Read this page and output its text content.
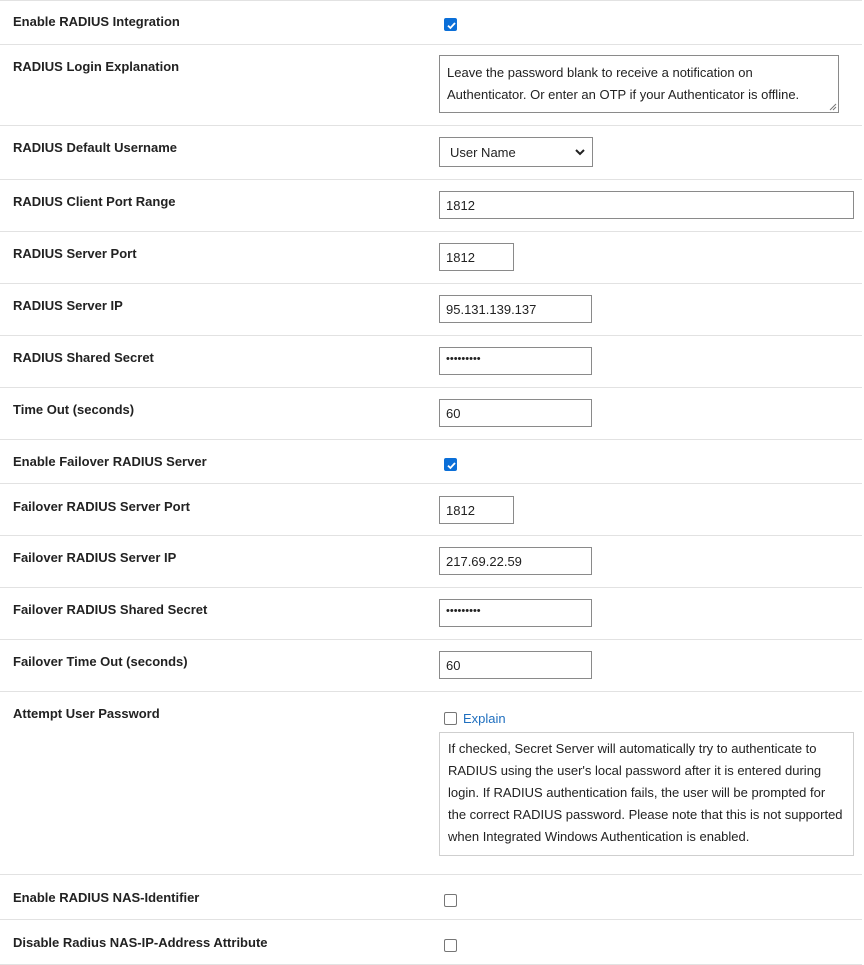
Enable RADIUS Integration
RADIUS Login Explanation	Leave the password blank to receive a notification on Authenticator. Or enter an OTP if your Authenticator is offline.
RADIUS Default Username	User Name
RADIUS Client Port Range	1812
RADIUS Server Port	1812
RADIUS Server IP	95.131.139.137
RADIUS Shared Secret	•••••••••
Time Out (seconds)	60
Enable Failover RADIUS Server
Failover RADIUS Server Port	1812
Failover RADIUS Server IP	217.69.22.59
Failover RADIUS Shared Secret	•••••••••
Failover Time Out (seconds)	60
Attempt User Password	Explain
If checked, Secret Server will automatically try to authenticate to RADIUS using the user's local password after it is entered during login. If RADIUS authentication fails, the user will be prompted for the correct RADIUS password. Please note that this is not supported when Integrated Windows Authentication is enabled.
Enable RADIUS NAS-Identifier
Disable Radius NAS-IP-Address Attribute
